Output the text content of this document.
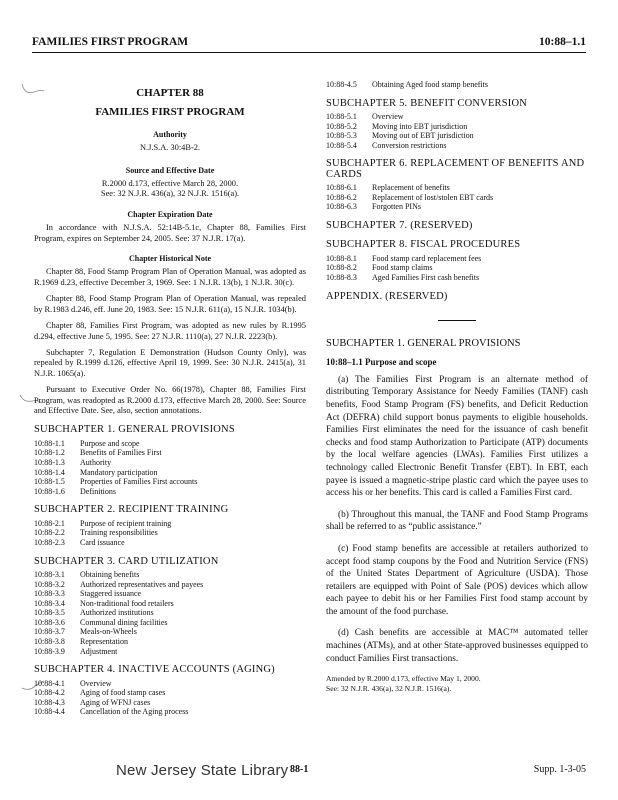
FAMILIES FIRST PROGRAM	10:88–1.1
CHAPTER 88
FAMILIES FIRST PROGRAM
Authority
N.J.S.A. 30:4B-2.
Source and Effective Date
R.2000 d.173, effective March 28, 2000.
See: 32 N.J.R. 436(a), 32 N.J.R. 1516(a).
Chapter Expiration Date

In accordance with N.J.S.A. 52:14B-5.1c, Chapter 88, Families First Program, expires on September 24, 2005. See: 37 N.J.R. 17(a).

Chapter Historical Note

Chapter 88, Food Stamp Program Plan of Operation Manual, was adopted as R.1969 d.23, effective December 3, 1969. See: 1 N.J.R. 13(b), 1 N.J.R. 30(c).

Chapter 88, Food Stamp Program Plan of Operation Manual, was repealed by R.1983 d.246, eff. June 20, 1983. See: 15 N.J.R. 611(a), 15 N.J.R. 1034(b).

Chapter 88, Families First Program, was adopted as new rules by R.1995 d.294, effective June 5, 1995. See: 27 N.J.R. 1110(a), 27 N.J.R. 2223(b).

Subchapter 7, Regulation E Demonstration (Hudson County Only), was repealed by R.1999 d.126, effective April 19, 1999. See: 30 N.J.R. 2415(a), 31 N.J.R. 1065(a).

Pursuant to Executive Order No. 66(1978), Chapter 88, Families First Program, was readopted as R.2000 d.173, effective March 28, 2000. See: Source and Effective Date. See, also, section annotations.

SUBCHAPTER 1. GENERAL PROVISIONS
10:88-1.1	Purpose and scope
10:88-1.2	Benefits of Families First
10:88-1.3	Authority
10:88-1.4	Mandatory participation
10:88-1.5	Properties of Families First accounts
10:88-1.6	Definitions
SUBCHAPTER 2. RECIPIENT TRAINING
10:88-2.1	Purpose of recipient training
10:88-2.2	Training responsibilities
10:88-2.3	Card issuance
SUBCHAPTER 3. CARD UTILIZATION
10:88-3.1	Obtaining benefits
10:88-3.2	Authorized representatives and payees
10:88-3.3	Staggered issuance
10:88-3.4	Non-traditional food retailers
10:88-3.5	Authorized institutions
10:88-3.6	Communal dining facilities
10:88-3.7	Meals-on-Wheels
10:88-3.8	Representation
10:88-3.9	Adjustment
SUBCHAPTER 4. INACTIVE ACCOUNTS (AGING)
10:88-4.1	Overview
10:88-4.2	Aging of food stamp cases
10:88-4.3	Aging of WFNJ cases
10:88-4.4	Cancellation of the Aging process
10:88-4.5	Obtaining Aged food stamp benefits
SUBCHAPTER 5. BENEFIT CONVERSION
10:88-5.1	Overview
10:88-5.2	Moving into EBT jurisdiction
10:88-5.3	Moving out of EBT jurisdiction
10:88-5.4	Conversion restrictions
SUBCHAPTER 6. REPLACEMENT OF BENEFITS AND CARDS
10:88-6.1	Replacement of benefits
10:88-6.2	Replacement of lost/stolen EBT cards
10:88-6.3	Forgotten PINs
SUBCHAPTER 7. (RESERVED)
SUBCHAPTER 8. FISCAL PROCEDURES
10:88-8.1	Food stamp card replacement fees
10:88-8.2	Food stamp claims
10:88-8.3	Aged Families First cash benefits
APPENDIX. (RESERVED)
SUBCHAPTER 1. GENERAL PROVISIONS
10:88–1.1 Purpose and scope

(a) The Families First Program is an alternate method of distributing Temporary Assistance for Needy Families (TANF) cash benefits, Food Stamp Program (FS) benefits, and Deficit Reduction Act (DEFRA) child support bonus payments to eligible households. Families First eliminates the need for the issuance of cash benefit checks and food stamp Authorization to Participate (ATP) documents by the local welfare agencies (LWAs). Families First utilizes a technology called Electronic Benefit Transfer (EBT). In EBT, each payee is issued a magnetic-stripe plastic card which the payee uses to access his or her benefits. This card is called a Families First card.

(b) Throughout this manual, the TANF and Food Stamp Programs shall be referred to as “public assistance.”

(c) Food stamp benefits are accessible at retailers authorized to accept food stamp coupons by the Food and Nutrition Service (FNS) of the United States Department of Agriculture (USDA). Those retailers are equipped with Point of Sale (POS) devices which allow each payee to debit his or her Families First food stamp account by the amount of the food purchase.

(d) Cash benefits are accessible at MAC™ automated teller machines (ATMs), and at other State-approved businesses equipped to conduct Families First transactions.

Amended by R.2000 d.173, effective May 1, 2000.
See: 32 N.J.R. 436(a), 32 N.J.R. 1516(a).
New Jersey State Library 88-1	Supp. 1-3-05
